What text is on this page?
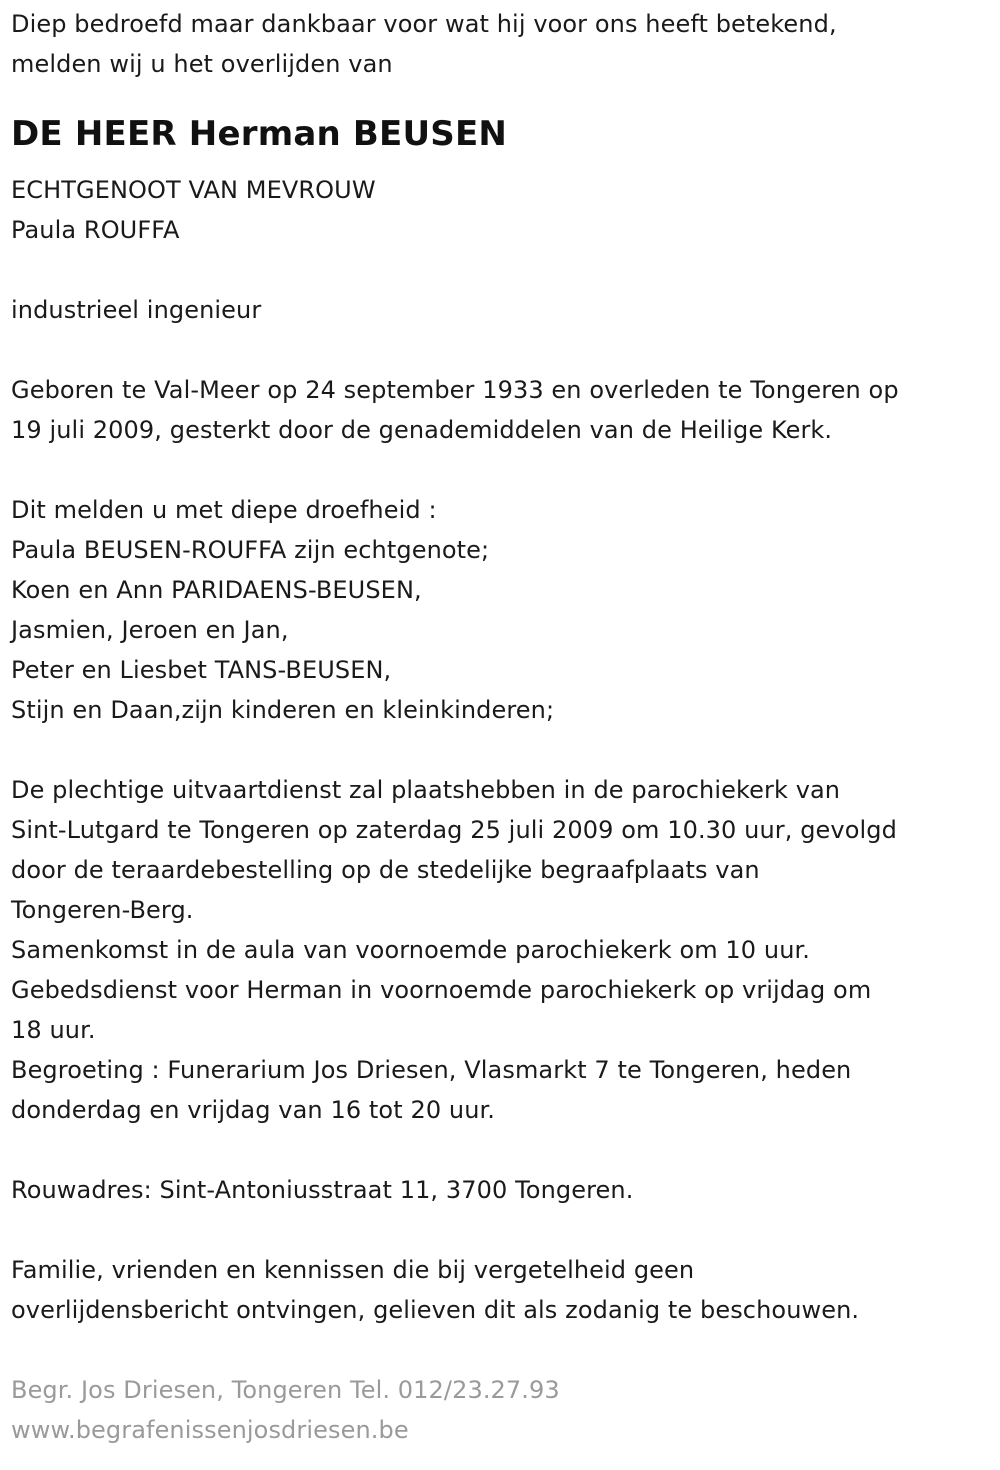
Diep bedroefd maar dankbaar voor wat hij voor ons heeft betekend,
melden wij u het overlijden van
DE HEER Herman BEUSEN
ECHTGENOOT VAN MEVROUW
Paula ROUFFA
industrieel ingenieur
Geboren te Val-Meer op 24 september 1933 en overleden te Tongeren op
19 juli 2009, gesterkt door de genademiddelen van de Heilige Kerk.
Dit melden u met diepe droefheid :
Paula BEUSEN-ROUFFA zijn echtgenote;
Koen en Ann PARIDAENS-BEUSEN,
Jasmien, Jeroen en Jan,
Peter en Liesbet TANS-BEUSEN,
Stijn en Daan,zijn kinderen en kleinkinderen;
De plechtige uitvaartdienst zal plaatshebben in de parochiekerk van
Sint-Lutgard te Tongeren op zaterdag 25 juli 2009 om 10.30 uur, gevolgd
door de teraardebestelling op de stedelijke begraafplaats van
Tongeren-Berg.
Samenkomst in de aula van voornoemde parochiekerk om 10 uur.
Gebedsdienst voor Herman in voornoemde parochiekerk op vrijdag om
18 uur.
Begroeting : Funerarium Jos Driesen, Vlasmarkt 7 te Tongeren, heden
donderdag en vrijdag van 16 tot 20 uur.
Rouwadres: Sint-Antoniusstraat 11, 3700 Tongeren.
Familie, vrienden en kennissen die bij vergetelheid geen
overlijdensbericht ontvingen, gelieven dit als zodanig te beschouwen.
Begr. Jos Driesen, Tongeren Tel. 012/23.27.93
www.begrafenissenjosdriesen.be
